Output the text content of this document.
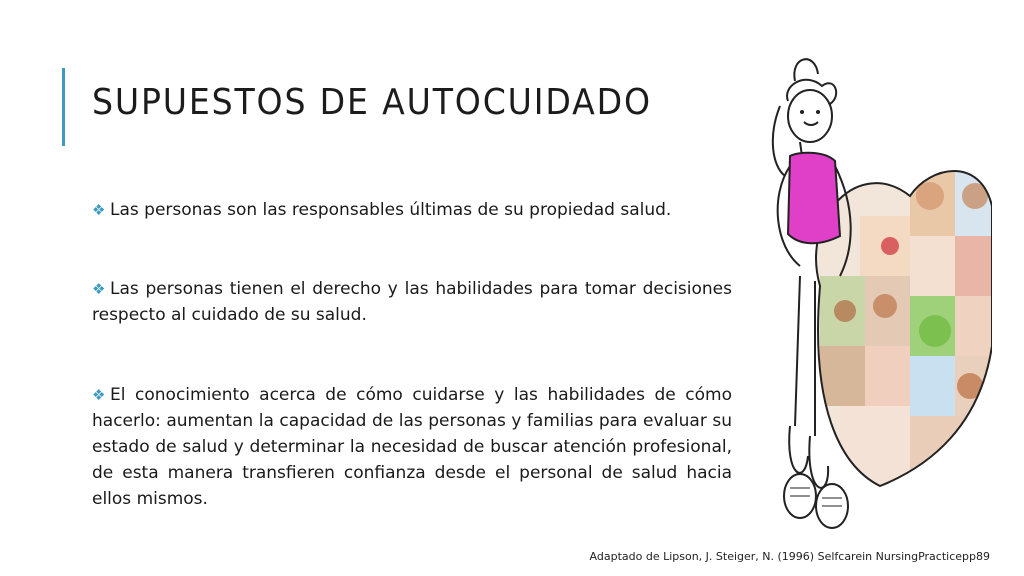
SUPUESTOS DE AUTOCUIDADO

❖ Las personas son las responsables últimas de su propiedad salud.

❖ Las personas tienen el derecho y las habilidades para tomar decisiones respecto al cuidado de su salud.

❖ El conocimiento acerca de cómo cuidarse y las habilidades de cómo hacerlo: aumentan la capacidad de las personas y familias para evaluar su estado de salud y determinar la necesidad de buscar atención profesional, de esta manera transfieren confianza desde el personal de salud hacia ellos mismos.

Adaptado de Lipson, J. Steiger, N. (1996) Selfcarein NursingPracticepp89
